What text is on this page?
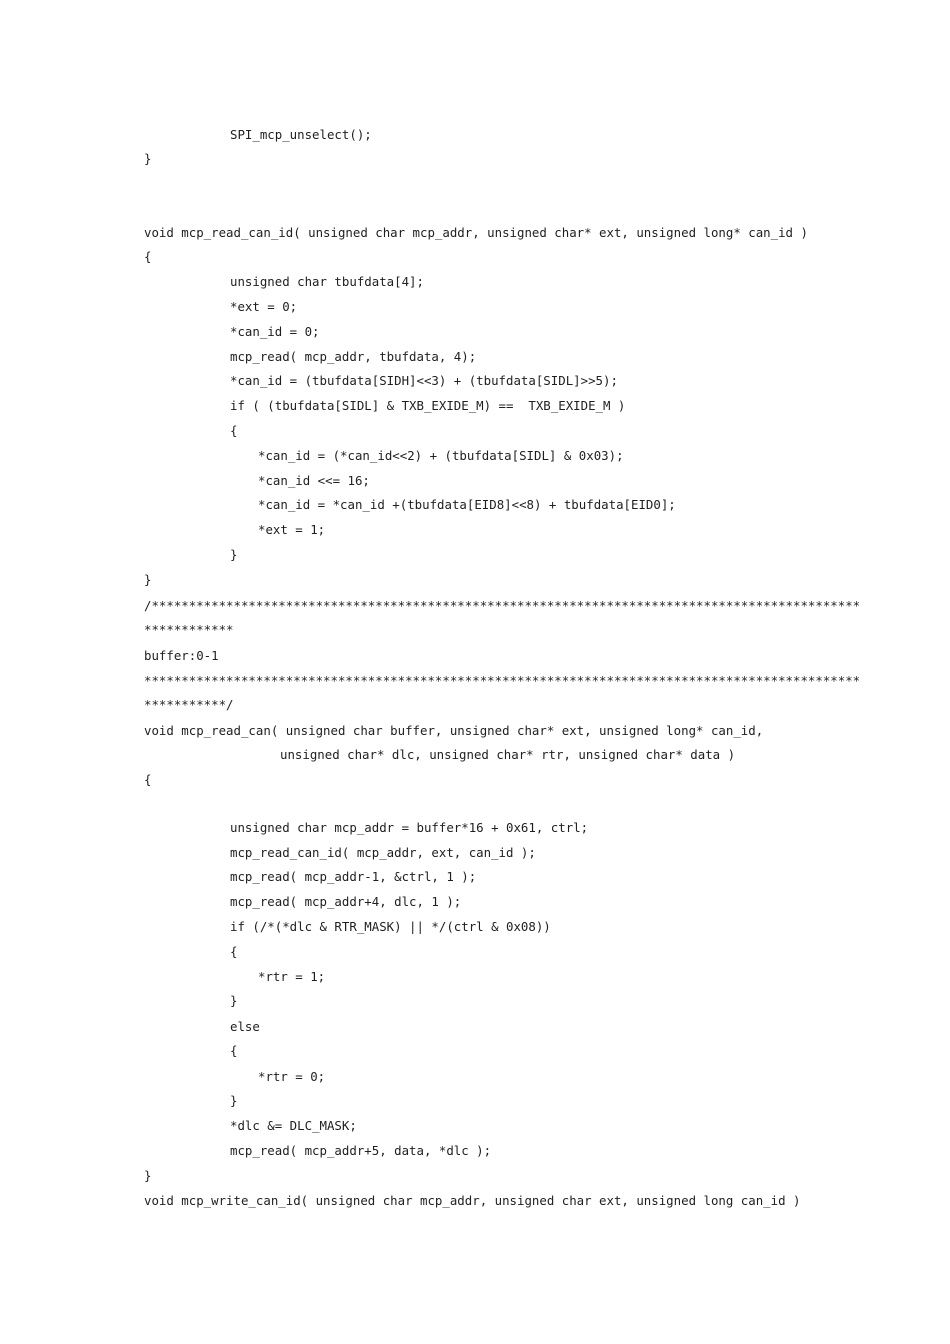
SPI_mcp_unselect();
}
void mcp_read_can_id( unsigned char mcp_addr, unsigned char* ext, unsigned long* can_id )
{
unsigned char tbufdata[4];
*ext = 0;
*can_id = 0;
mcp_read( mcp_addr, tbufdata, 4);
*can_id = (tbufdata[SIDH]<<3) + (tbufdata[SIDL]>>5);
if ( (tbufdata[SIDL] & TXB_EXIDE_M) ==  TXB_EXIDE_M )
{
*can_id = (*can_id<<2) + (tbufdata[SIDL] & 0x03);
*can_id <<= 16;
*can_id = *can_id +(tbufdata[EID8]<<8) + tbufdata[EID0];
*ext = 1;
}
}
/***********************************************************************************************
************
buffer:0-1
************************************************************************************************
***********/
void mcp_read_can( unsigned char buffer, unsigned char* ext, unsigned long* can_id,
unsigned char* dlc, unsigned char* rtr, unsigned char* data )
{
unsigned char mcp_addr = buffer*16 + 0x61, ctrl;
mcp_read_can_id( mcp_addr, ext, can_id );
mcp_read( mcp_addr-1, &ctrl, 1 );
mcp_read( mcp_addr+4, dlc, 1 );
if (/*(*dlc & RTR_MASK) || */(ctrl & 0x08))
{
*rtr = 1;
}
else
{
*rtr = 0;
}
*dlc &= DLC_MASK;
mcp_read( mcp_addr+5, data, *dlc );
}
void mcp_write_can_id( unsigned char mcp_addr, unsigned char ext, unsigned long can_id )
